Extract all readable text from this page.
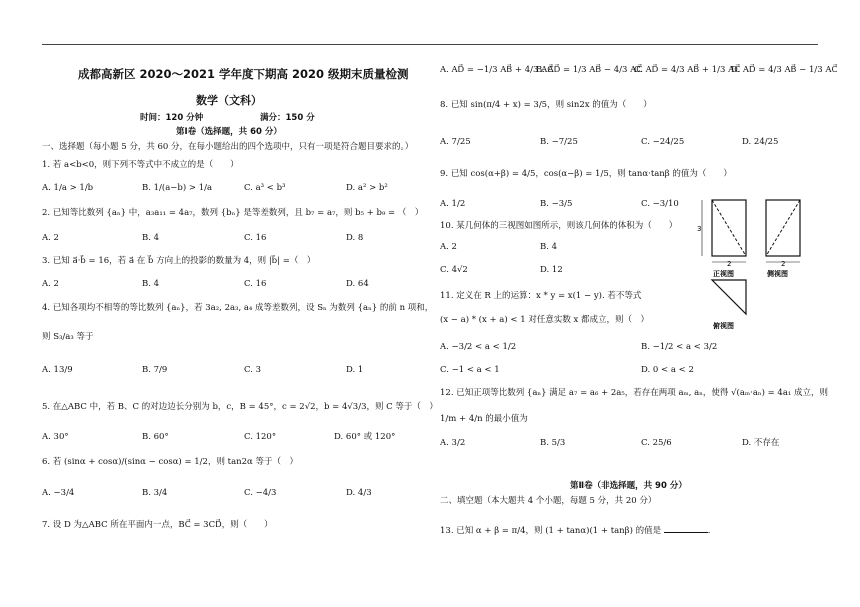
成都高新区 2020～2021 学年度下期高 2020 级期末质量检测
数学（文科）
时间：120 分钟	满分：150 分
第Ⅰ卷（选择题，共 60 分）
一、选择题（每小题 5 分，共 60 分，在每小题给出的四个选项中，只有一项是符合题目要求的。）
1. 若 a<b<0，则下列不等式中不成立的是（　　）
A. 1/a > 1/b	B. 1/(a−b) > 1/a	C. a³ < b³	D. a² > b²
2. 已知等比数列 {aₙ} 中，a₃a₁₁ = 4a₇，数列 {bₙ} 是等差数列，且 b₇ = a₇，则 b₅ + b₉ = （　）
A. 2	B. 4	C. 16	D. 8
3. 已知 a⃗·b⃗ = 16，若 a⃗ 在 b⃗ 方向上的投影的数量为 4，则 |b⃗| =（　）
A. 2	B. 4	C. 16	D. 64
4. 已知各项均不相等的等比数列 {aₙ}，若 3a₂, 2a₃, a₄ 成等差数列，设 Sₙ 为数列 {aₙ} 的前 n 项和，
则 S₃/a₃ 等于
A. 13/9	B. 7/9	C. 3	D. 1
5. 在△ABC 中，若 B、C 的对边边长分别为 b，c，B = 45°，c = 2√2，b = 4√3/3，则 C 等于（　）
A. 30°	B. 60°	C. 120°	D. 60° 或 120°
6. 若 (sinα + cosα)/(sinα − cosα) = 1/2，则 tan2α 等于（　）
A. −3/4	B. 3/4	C. −4/3	D. 4/3
7. 设 D 为△ABC 所在平面内一点，BC⃗ = 3CD⃗，则（　　）
A. AD⃗ = −1/3 AB⃗ + 4/3 AC⃗
B. AD⃗ = 1/3 AB⃗ − 4/3 AC⃗
C. AD⃗ = 4/3 AB⃗ + 1/3 AC⃗
D. AD⃗ = 4/3 AB⃗ − 1/3 AC⃗
8. 已知 sin(π/4 + x) = 3/5，则 sin2x 的值为（　　）
A. 7/25	B. −7/25	C. −24/25	D. 24/25
9. 已知 cos(α+β) = 4/5，cos(α−β) = 1/5，则 tanα·tanβ 的值为（　　）
A. 1/2	B. −3/5	C. −3/10
10. 某几何体的三视图如图所示，则该几何体的体积为（　　）
A. 2	B. 4
C. 4√2	D. 12
3
2	2
正视图	侧视图
俯视图
11. 定义在 R 上的运算：x * y = x(1 − y). 若不等式
(x − a) * (x + a) < 1 对任意实数 x 都成立，则（　）
A. −3/2 < a < 1/2	B. −1/2 < a < 3/2
C. −1 < a < 1	D. 0 < a < 2
12. 已知正项等比数列 {aₙ} 满足 a₇ = a₆ + 2a₅，若存在两项 aₘ, aₙ，使得 √(aₘ·aₙ) = 4a₁ 成立，则
1/m + 4/n 的最小值为
A. 3/2	B. 5/3	C. 25/6	D. 不存在
第Ⅱ卷（非选择题，共 90 分）
二、填空题（本大题共 4 个小题，每题 5 分，共 20 分）
13. 已知 α + β = π/4，则 (1 + tanα)(1 + tanβ) 的值是	.
